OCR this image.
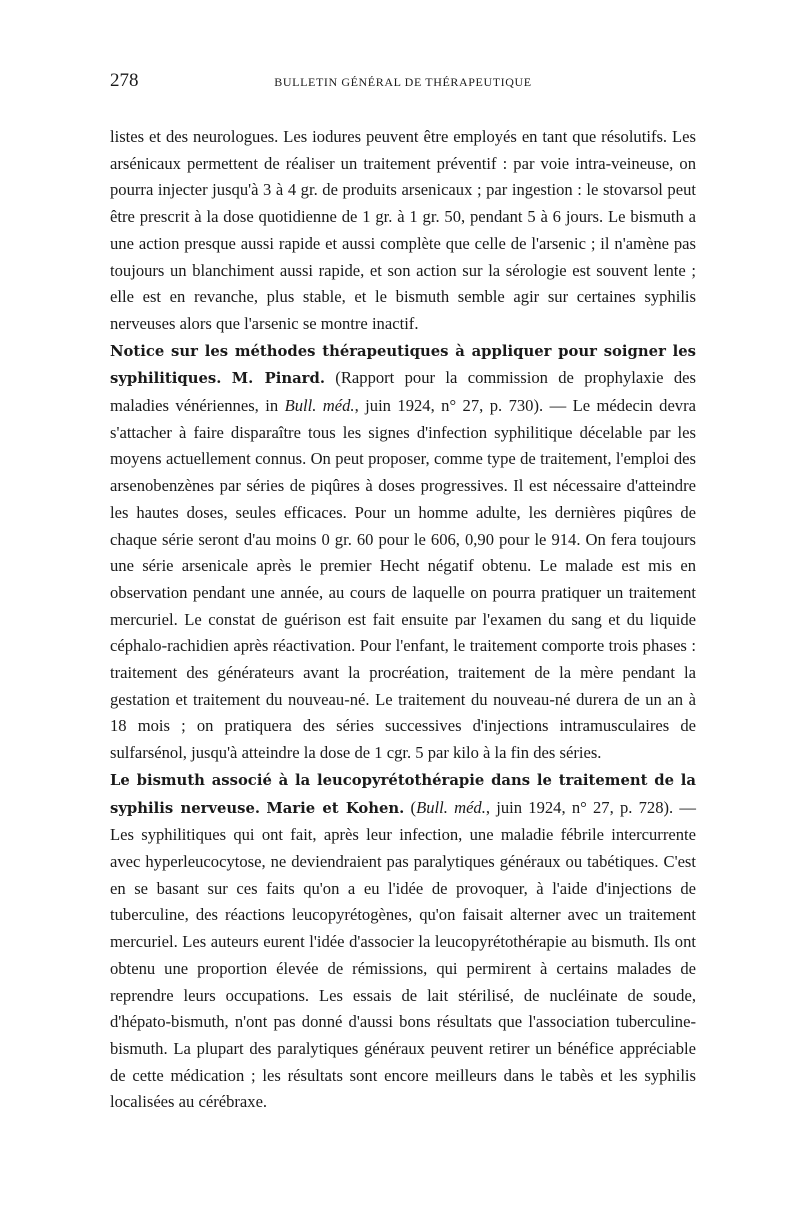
278	BULLETIN GÉNÉRAL DE THÉRAPEUTIQUE

listes et des neurologues. Les iodures peuvent être employés en tant que résolutifs. Les arsénicaux permettent de réaliser un traitement préventif : par voie intra-veineuse, on pourra injecter jusqu'à 3 à 4 gr. de produits arsenicaux ; par ingestion : le stovarsol peut être prescrit à la dose quotidienne de 1 gr. à 1 gr. 50, pendant 5 à 6 jours. Le bismuth a une action presque aussi rapide et aussi complète que celle de l'arsenic ; il n'amène pas toujours un blanchiment aussi rapide, et son action sur la sérologie est souvent lente ; elle est en revanche, plus stable, et le bismuth semble agir sur certaines syphilis nerveuses alors que l'arsenic se montre inactif.

Notice sur les méthodes thérapeutiques à appliquer pour soigner les syphilitiques. M. Pinard. (Rapport pour la commission de prophylaxie des maladies vénériennes, in Bull. méd., juin 1924, n° 27, p. 730). — Le médecin devra s'attacher à faire disparaître tous les signes d'infection syphilitique décelable par les moyens actuellement connus. On peut proposer, comme type de traitement, l'emploi des arsenobenzènes par séries de piqûres à doses progressives. Il est nécessaire d'atteindre les hautes doses, seules efficaces. Pour un homme adulte, les dernières piqûres de chaque série seront d'au moins 0 gr. 60 pour le 606, 0,90 pour le 914. On fera toujours une série arsenicale après le premier Hecht négatif obtenu. Le malade est mis en observation pendant une année, au cours de laquelle on pourra pratiquer un traitement mercuriel. Le constat de guérison est fait ensuite par l'examen du sang et du liquide céphalo-rachidien après réactivation. Pour l'enfant, le traitement comporte trois phases : traitement des générateurs avant la procréation, traitement de la mère pendant la gestation et traitement du nouveau-né. Le traitement du nouveau-né durera de un an à 18 mois ; on pratiquera des séries successives d'injections intramusculaires de sulfarsénol, jusqu'à atteindre la dose de 1 cgr. 5 par kilo à la fin des séries.

Le bismuth associé à la leucopyrétothérapie dans le traitement de la syphilis nerveuse. Marie et Kohen. (Bull. méd., juin 1924, n° 27, p. 728). — Les syphilitiques qui ont fait, après leur infection, une maladie fébrile intercurrente avec hyperleucocytose, ne deviendraient pas paralytiques généraux ou tabétiques. C'est en se basant sur ces faits qu'on a eu l'idée de provoquer, à l'aide d'injections de tuberculine, des réactions leucopyrétogènes, qu'on faisait alterner avec un traitement mercuriel. Les auteurs eurent l'idée d'associer la leucopyrétothérapie au bismuth. Ils ont obtenu une proportion élevée de rémissions, qui permirent à certains malades de reprendre leurs occupations. Les essais de lait stérilisé, de nucléinate de soude, d'hépato-bismuth, n'ont pas donné d'aussi bons résultats que l'association tuberculine-bismuth. La plupart des paralytiques généraux peuvent retirer un bénéfice appréciable de cette médication ; les résultats sont encore meilleurs dans le tabès et les syphilis localisées au cérébraxe.
